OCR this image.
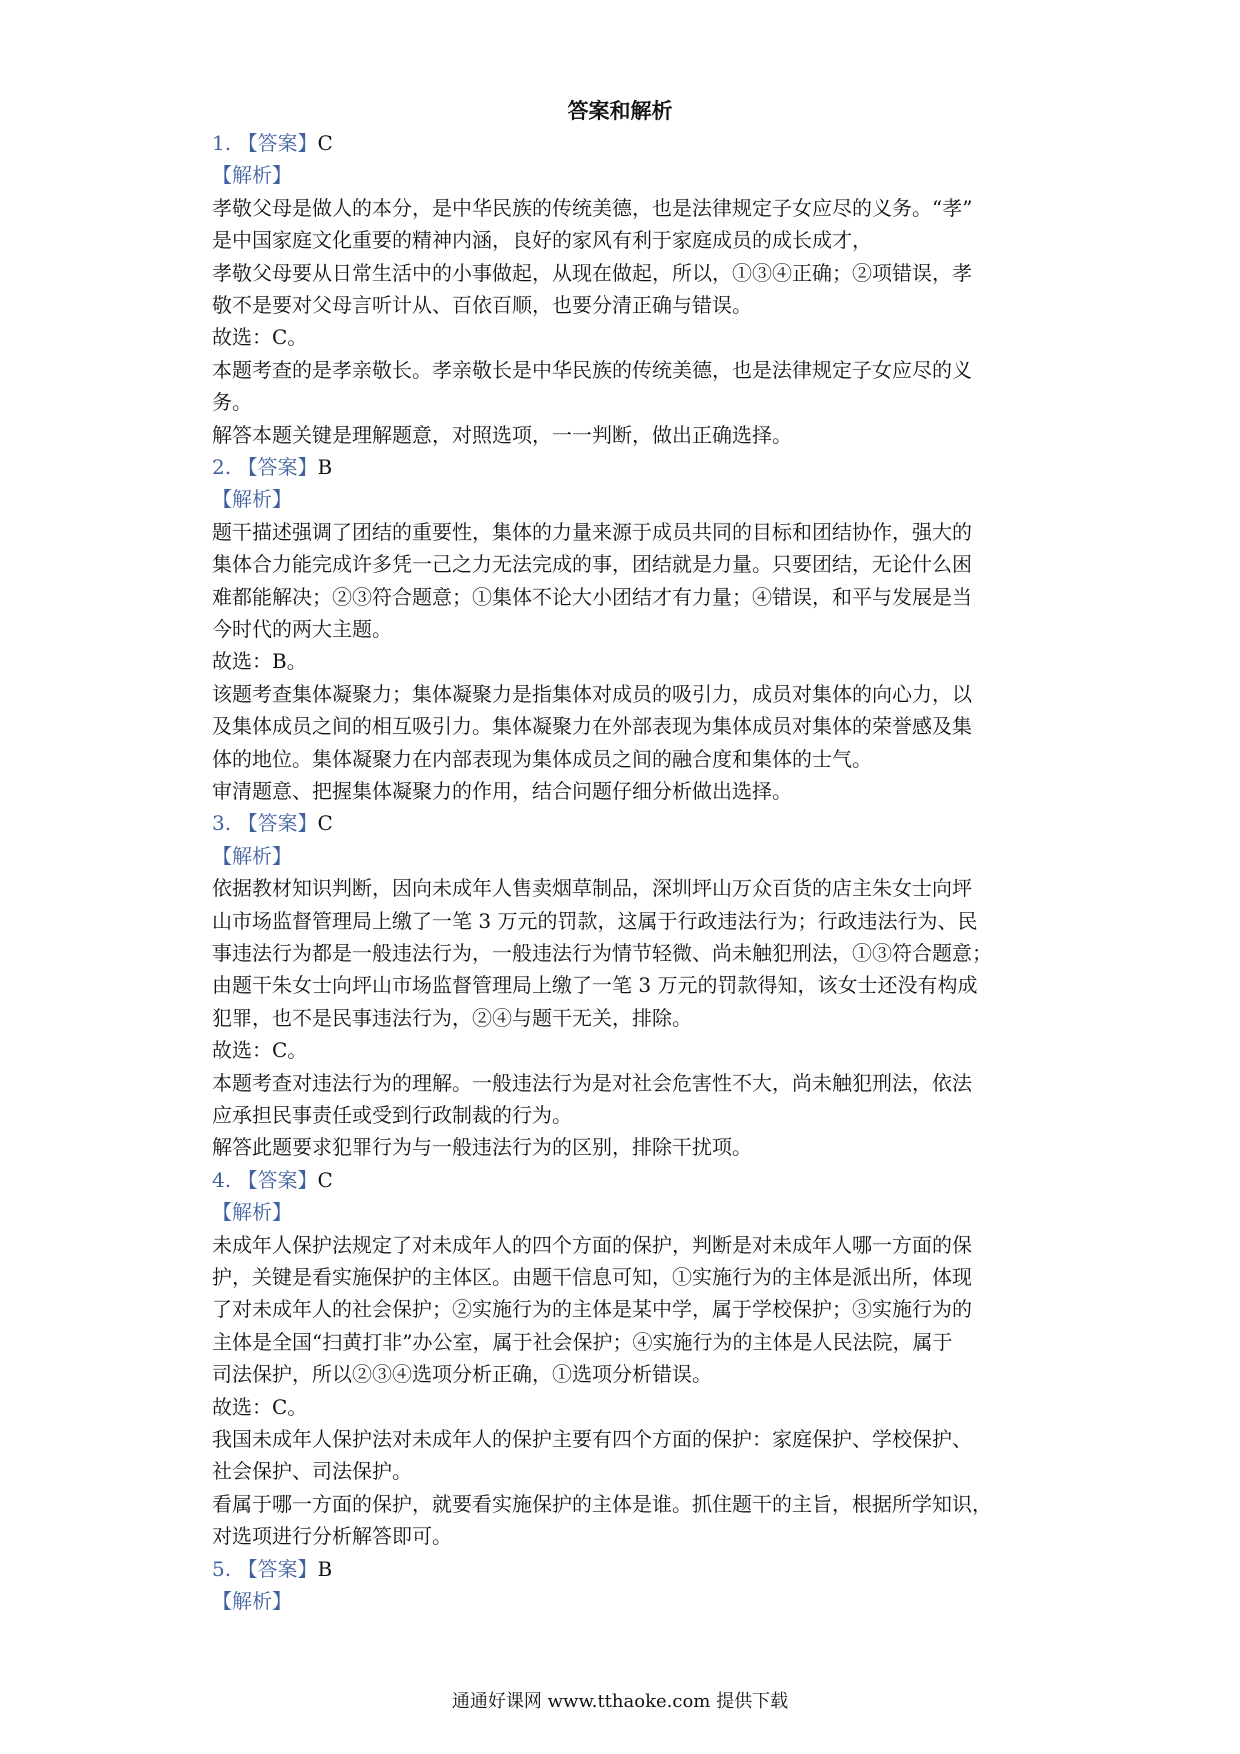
答案和解析
1. 【答案】C
【解析】
孝敬父母是做人的本分，是中华民族的传统美德，也是法律规定子女应尽的义务。“孝”
是中国家庭文化重要的精神内涵，良好的家风有利于家庭成员的成长成才，
孝敬父母要从日常生活中的小事做起，从现在做起，所以，①③④正确；②项错误，孝
敬不是要对父母言听计从、百依百顺，也要分清正确与错误。
故选：C。
本题考查的是孝亲敬长。孝亲敬长是中华民族的传统美德，也是法律规定子女应尽的义
务。
解答本题关键是理解题意，对照选项，一一判断，做出正确选择。
2. 【答案】B
【解析】
题干描述强调了团结的重要性，集体的力量来源于成员共同的目标和团结协作，强大的
集体合力能完成许多凭一己之力无法完成的事，团结就是力量。只要团结，无论什么困
难都能解决；②③符合题意；①集体不论大小团结才有力量；④错误，和平与发展是当
今时代的两大主题。
故选：B。
该题考查集体凝聚力；集体凝聚力是指集体对成员的吸引力，成员对集体的向心力，以
及集体成员之间的相互吸引力。集体凝聚力在外部表现为集体成员对集体的荣誉感及集
体的地位。集体凝聚力在内部表现为集体成员之间的融合度和集体的士气。
审清题意、把握集体凝聚力的作用，结合问题仔细分析做出选择。
3. 【答案】C
【解析】
依据教材知识判断，因向未成年人售卖烟草制品，深圳坪山万众百货的店主朱女士向坪
山市场监督管理局上缴了一笔 3 万元的罚款，这属于行政违法行为；行政违法行为、民
事违法行为都是一般违法行为，一般违法行为情节轻微、尚未触犯刑法，①③符合题意；
由题干朱女士向坪山市场监督管理局上缴了一笔 3 万元的罚款得知，该女士还没有构成
犯罪，也不是民事违法行为，②④与题干无关，排除。
故选：C。
本题考查对违法行为的理解。一般违法行为是对社会危害性不大，尚未触犯刑法，依法
应承担民事责任或受到行政制裁的行为。
解答此题要求犯罪行为与一般违法行为的区别，排除干扰项。
4. 【答案】C
【解析】
未成年人保护法规定了对未成年人的四个方面的保护，判断是对未成年人哪一方面的保
护，关键是看实施保护的主体区。由题干信息可知，①实施行为的主体是派出所，体现
了对未成年人的社会保护；②实施行为的主体是某中学，属于学校保护；③实施行为的
主体是全国“扫黄打非”办公室，属于社会保护；④实施行为的主体是人民法院，属于
司法保护，所以②③④选项分析正确，①选项分析错误。
故选：C。
我国未成年人保护法对未成年人的保护主要有四个方面的保护：家庭保护、学校保护、
社会保护、司法保护。
看属于哪一方面的保护，就要看实施保护的主体是谁。抓住题干的主旨，根据所学知识，
对选项进行分析解答即可。
5. 【答案】B
【解析】
通通好课网 www.tthaoke.com 提供下载
